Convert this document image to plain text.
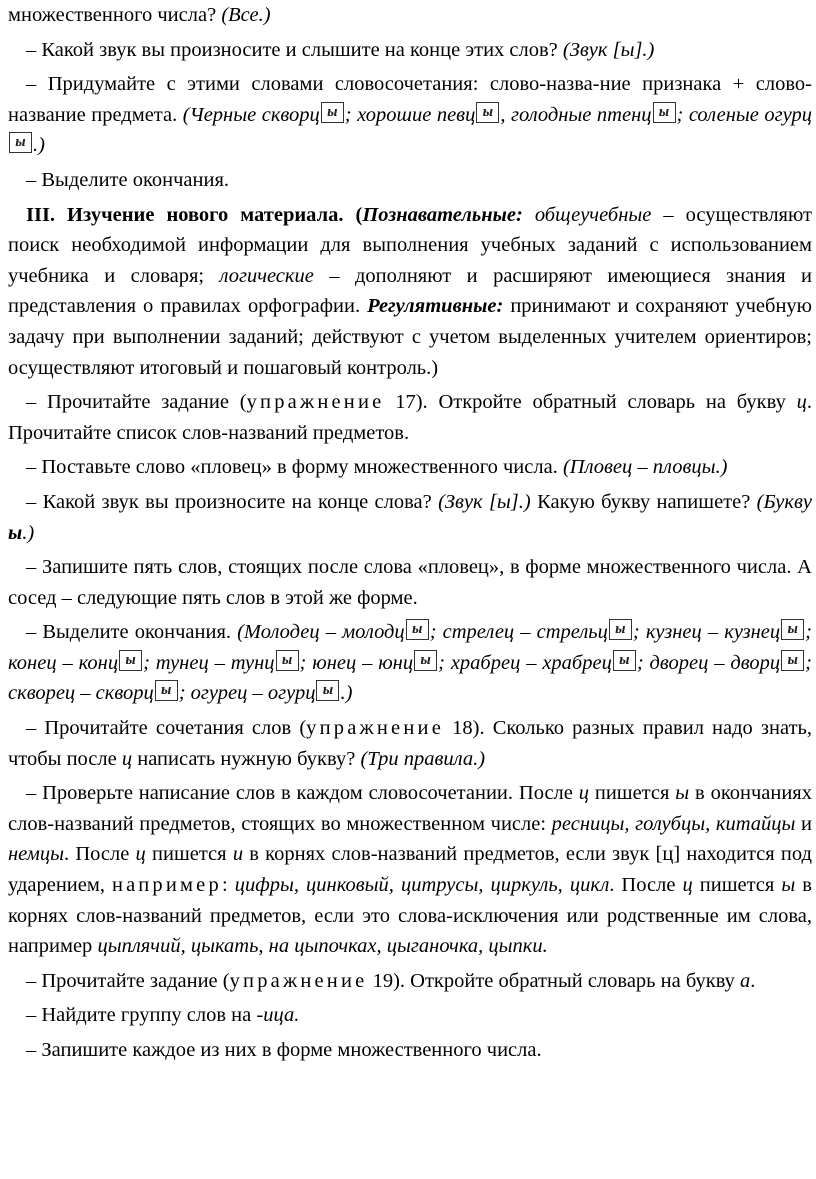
множественного числа? (Все.)

– Какой звук вы произносите и слышите на конце этих слов? (Звук [ы].)

– Придумайте с этими словами словосочетания: слово-назва-ние признака + слово-название предмета. (Черные скворц ы ; хорошие певц ы , голодные птенц ы ; соленые огурцы .)

– Выделите окончания.

III. Изучение нового материала. (Познавательные: общеучебные – осуществляют поиск необходимой информации для выполнения учебных заданий с использованием учебника и словаря; логические – дополняют и расширяют имеющиеся знания и представления о правилах орфографии. Регулятивные: принимают и сохраняют учебную задачу при выполнении заданий; действуют с учетом выделенных учителем ориентиров; осуществляют итоговый и пошаговый контроль.)

– Прочитайте задание (упражнение 17). Откройте обратный словарь на букву ц. Прочитайте список слов-названий предметов.

– Поставьте слово «пловец» в форму множественного числа. (Пловец – пловцы.)

– Какой звук вы произносите на конце слова? (Звук [ы].) Какую букву напишете? (Букву ы.)

– Запишите пять слов, стоящих после слова «пловец», в форме множественного числа. А сосед – следующие пять слов в этой же форме.

– Выделите окончания. (Молодец – молодц ы ; стрелец – стрельц ы ; кузнец – кузнец ы ; конец – конц ы ; тунец – тунц ы ; юнец – юнц ы ; храбрец – храбрец ы ; дворец – дворц ы ; скворец – скворц ы ; огурец – огурц ы .)

– Прочитайте сочетания слов (упражнение 18). Сколько разных правил надо знать, чтобы после ц написать нужную букву? (Три правила.)

– Проверьте написание слов в каждом словосочетании. После ц пишется ы в окончаниях слов-названий предметов, стоящих во множественном числе: ресницы, голубцы, китайцы и немцы. После ц пишется и в корнях слов-названий предметов, если звук [ц] находится под ударением, например: цифры, цинковый, цитрусы, циркуль, цикл. После ц пишется ы в корнях слов-названий предметов, если это слова-исключения или родственные им слова, например цыплячий, цыкать, на цыпочках, цыганочка, цыпки.

– Прочитайте задание (упражнение 19). Откройте обратный словарь на букву а.

– Найдите группу слов на -ица.

– Запишите каждое из них в форме множественного числа.
